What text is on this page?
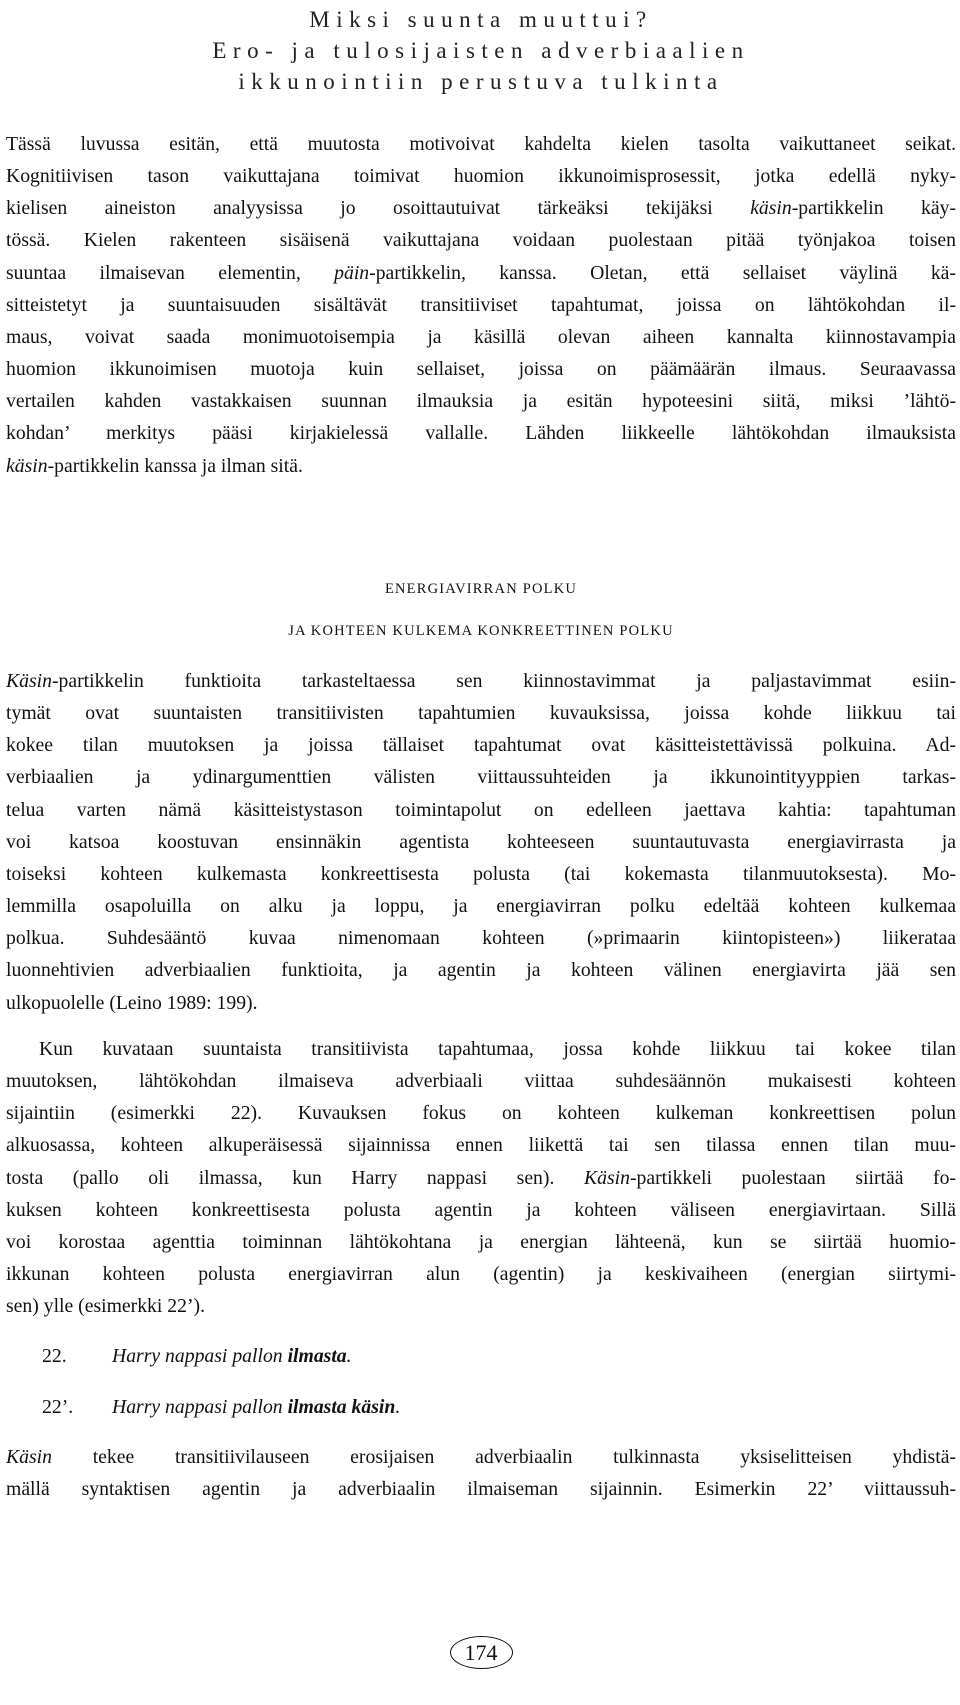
Miksi suunta muuttui?
Ero- ja tulosijaisten adverbiaalien
ikkunointiin perustuva tulkinta
Tässä luvussa esitän, että muutosta motivoivat kahdelta kielen tasolta vaikuttaneet seikat.
Kognitiivisen tason vaikuttajana toimivat huomion ikkunoimisprosessit, jotka edellä nyky-
kielisen aineiston analyysissa jo osoittautuivat tärkeäksi tekijäksi käsin-partikkelin käy-
tössä. Kielen rakenteen sisäisenä vaikuttajana voidaan puolestaan pitää työnjakoa toisen
suuntaa ilmaisevan elementin, päin-partikkelin, kanssa. Oletan, että sellaiset väylinä kä-
sitteistetyt ja suuntaisuuden sisältävät transitiiviset tapahtumat, joissa on lähtökohdan il-
maus, voivat saada monimuotoisempia ja käsillä olevan aiheen kannalta kiinnostavampia
huomion ikkunoimisen muotoja kuin sellaiset, joissa on päämäärän ilmaus. Seuraavassa
vertailen kahden vastakkaisen suunnan ilmauksia ja esitän hypoteesini siitä, miksi ’lähtö-
kohdan’ merkitys pääsi kirjakielessä vallalle. Lähden liikkeelle lähtökohdan ilmauksista
käsin-partikkelin kanssa ja ilman sitä.
ENERGIAVIRRAN POLKU
JA KOHTEEN KULKEMA KONKREETTINEN POLKU
Käsin-partikkelin funktioita tarkasteltaessa sen kiinnostavimmat ja paljastavimmat esiin-
tymät ovat suuntaisten transitiivisten tapahtumien kuvauksissa, joissa kohde liikkuu tai
kokee tilan muutoksen ja joissa tällaiset tapahtumat ovat käsitteistettävissä polkuina. Ad-
verbiaalien ja ydinargumenttien välisten viittaussuhteiden ja ikkunointityyppien tarkas-
telua varten nämä käsitteistystason toimintapolut on edelleen jaettava kahtia: tapahtuman
voi katsoa koostuvan ensinnäkin agentista kohteeseen suuntautuvasta energiavirrasta ja
toiseksi kohteen kulkemasta konkreettisesta polusta (tai kokemasta tilanmuutoksesta). Mo-
lemmilla osapoluilla on alku ja loppu, ja energiavirran polku edeltää kohteen kulkemaa
polkua. Suhdesääntö kuvaa nimenomaan kohteen (»primaarin kiintopisteen») liikerataa
luonnehtivien adverbiaalien funktioita, ja agentin ja kohteen välinen energiavirta jää sen
ulkopuolelle (Leino 1989: 199).
Kun kuvataan suuntaista transitiivista tapahtumaa, jossa kohde liikkuu tai kokee tilan
muutoksen, lähtökohdan ilmaiseva adverbiaali viittaa suhdesäännön mukaisesti kohteen
sijaintiin (esimerkki 22). Kuvauksen fokus on kohteen kulkeman konkreettisen polun
alkuosassa, kohteen alkuperäisessä sijainnissa ennen liikettä tai sen tilassa ennen tilan muu-
tosta (pallo oli ilmassa, kun Harry nappasi sen). Käsin-partikkeli puolestaan siirtää fo-
kuksen kohteen konkreettisesta polusta agentin ja kohteen väliseen energiavirtaan. Sillä
voi korostaa agenttia toiminnan lähtökohtana ja energian lähteenä, kun se siirtää huomio-
ikkunan kohteen polusta energiavirran alun (agentin) ja keskivaiheen (energian siirtymi-
sen) ylle (esimerkki 22’).
22. Harry nappasi pallon ilmasta.
22’. Harry nappasi pallon ilmasta käsin.
Käsin tekee transitiivilauseen erosijaisen adverbiaalin tulkinnasta yksiselitteisen yhdistä-
mällä syntaktisen agentin ja adverbiaalin ilmaiseman sijainnin. Esimerkin 22’ viittaussuh-
174
